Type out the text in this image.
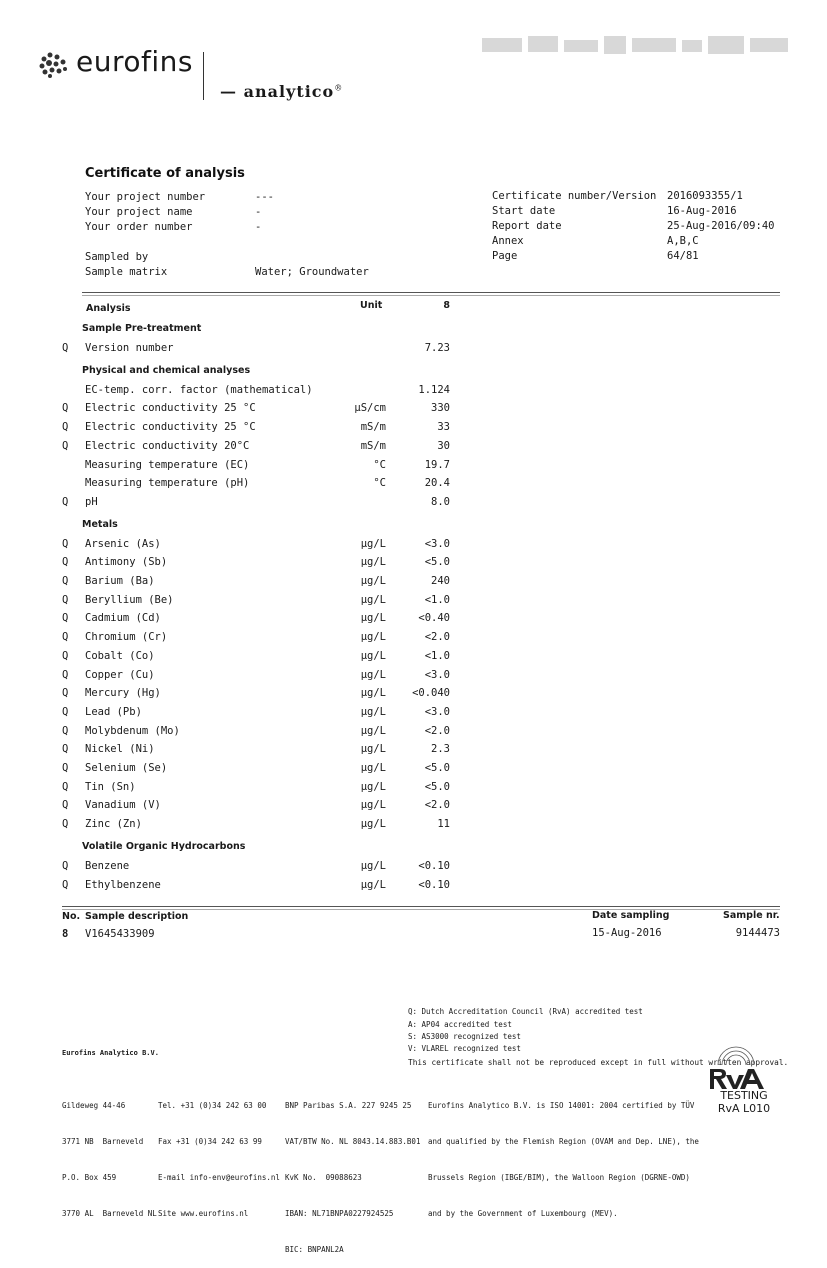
eurofins
— analytico®
Certificate of analysis
Your project number	---
Your project name	-
Your order number	-
Sampled by
Sample matrix	Water; Groundwater
Certificate number/Version 2016093355/1
Start date	16-Aug-2016
Report date	25-Aug-2016/09:40
Annex	A,B,C
Page	64/81
Analysis	Unit	8
Sample Pre-treatment
Q Version number	7.23
Physical and chemical analyses
EC-temp. corr. factor (mathematical)	1.124
Q Electric conductivity 25 °C	μS/cm	330
Q Electric conductivity 25 °C	mS/m	33
Q Electric conductivity 20°C	mS/m	30
Measuring temperature (EC)	°C	19.7
Measuring temperature (pH)	°C	20.4
Q pH	8.0
Metals
Q Arsenic (As)	μg/L	<3.0
Q Antimony (Sb)	μg/L	<5.0
Q Barium (Ba)	μg/L	240
Q Beryllium (Be)	μg/L	<1.0
Q Cadmium (Cd)	μg/L	<0.40
Q Chromium (Cr)	μg/L	<2.0
Q Cobalt (Co)	μg/L	<1.0
Q Copper (Cu)	μg/L	<3.0
Q Mercury (Hg)	μg/L	<0.040
Q Lead (Pb)	μg/L	<3.0
Q Molybdenum (Mo)	μg/L	<2.0
Q Nickel (Ni)	μg/L	2.3
Q Selenium (Se)	μg/L	<5.0
Q Tin (Sn)	μg/L	<5.0
Q Vanadium (V)	μg/L	<2.0
Q Zinc (Zn)	μg/L	11
Volatile Organic Hydrocarbons
Q Benzene	μg/L	<0.10
Q Ethylbenzene	μg/L	<0.10
No. Sample description	Date sampling	Sample nr.
8 V1645433909	15-Aug-2016	9144473
Q: Dutch Accreditation Council (RvA) accredited test
A: AP04 accredited test
S: AS3000 recognized test
V: VLAREL recognized test
This certificate shall not be reproduced except in full without written approval.
Eurofins Analytico B.V.

Gildeweg 44-46

3771 NB  Barneveld

P.O. Box 459

3770 AL  Barneveld NL

Tel. +31 (0)34 242 63 00

Fax +31 (0)34 242 63 99

E-mail info-env@eurofins.nl

Site www.eurofins.nl

BNP Paribas S.A. 227 9245 25

VAT/BTW No. NL 8043.14.883.B01

KvK No.  09088623

IBAN: NL71BNPA0227924525

BIC: BNPANL2A

Eurofins Analytico B.V. is ISO 14001: 2004 certified by TÜV

and qualified by the Flemish Region (OVAM and Dep. LNE), the

Brussels Region (IBGE/BIM), the Walloon Region (DGRNE-OWD)

and by the Government of Luxembourg (MEV).

TESTING
RvA L010
